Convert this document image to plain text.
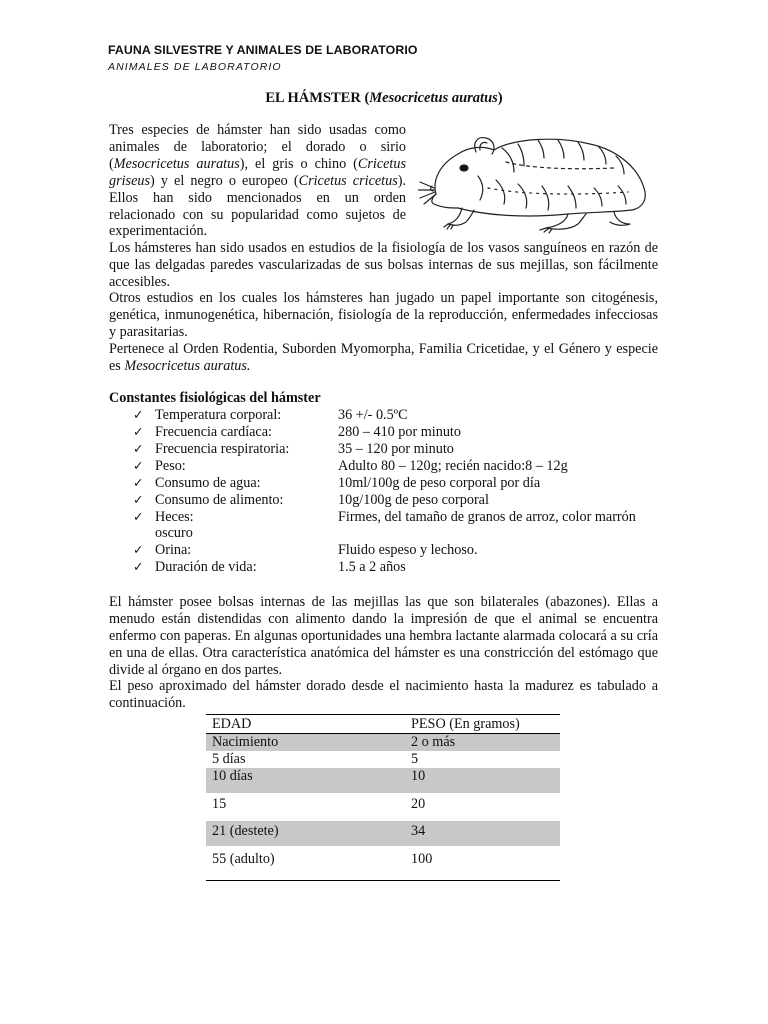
FAUNA SILVESTRE Y ANIMALES DE LABORATORIO
ANIMALES DE LABORATORIO
EL HÁMSTER (Mesocricetus auratus)
Tres especies de hámster han sido usadas como animales de laboratorio; el dorado o sirio (Mesocricetus auratus), el gris o chino (Cricetus griseus) y el negro o europeo (Cricetus cricetus). Ellos han sido mencionados en un orden relacionado con su popularidad como sujetos de experimentación.
Los hámsteres han sido usados en estudios de la fisiología de los vasos sanguíneos en razón de que las delgadas paredes vascularizadas de sus bolsas internas de sus mejillas, son fácilmente accesibles.
Otros estudios en los cuales los hámsteres han jugado un papel importante son citogénesis, genética, inmunogenética, hibernación, fisiología de la reproducción, enfermedades infecciosas y parasitarias.
Pertenece al Orden Rodentia, Suborden Myomorpha, Familia Cricetidae, y el Género y especie es Mesocricetus auratus.
Constantes fisiológicas del hámster
✓ Temperatura corporal:	36 +/- 0.5ºC
✓ Frecuencia cardíaca:	280 – 410 por minuto
✓ Frecuencia respiratoria:	35 – 120 por minuto
✓ Peso:	Adulto 80 – 120g; recién nacido:8 – 12g
✓ Consumo de agua:	10ml/100g de peso corporal por día
✓ Consumo de alimento:	10g/100g de peso corporal
✓ Heces:	Firmes, del tamaño de granos de arroz, color marrón
oscuro
✓ Orina:	Fluido espeso y lechoso.
✓ Duración de vida:	1.5 a 2 años
El hámster posee bolsas internas de las mejillas las que son bilaterales (abazones). Ellas a menudo están distendidas con alimento dando la impresión de que el animal se encuentra enfermo con paperas. En algunas oportunidades una hembra lactante alarmada colocará a su cría en una de ellas. Otra característica anatómica del hámster es una constricción del estómago que divide al órgano en dos partes.
El peso aproximado del hámster dorado desde el nacimiento hasta la madurez es tabulado a continuación.
EDAD	PESO (En gramos)
Nacimiento	2 o más
5 días	5
10 días	10
15	20
21 (destete)	34
55 (adulto)	100
